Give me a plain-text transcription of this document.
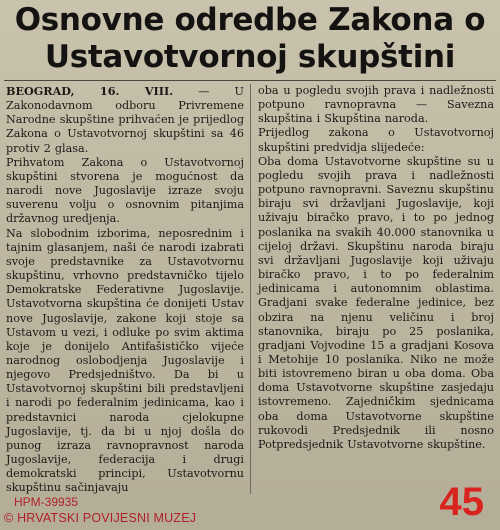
Osnovne odredbe Zakona o
Ustavotvornoj skupštini
BEOGRAD, 16. VIII. — U Zakonodavnom odboru Privremene Narodne skupštine prihvaćen je prijedlog Zakona o Ustavotvornoj skupštini sa 46 protiv 2 glasa.
Prihvatom Zakona o Ustavotvornoj skupštini stvorena je mogućnost da narodi nove Jugoslavije izraze svoju suverenu volju o osnovnim pitanjima državnog uredjenja.
Na slobodnim izborima, neposrednim i tajnim glasanjem, naši će narodi izabrati svoje predstavnike za Ustavotvornu skupštinu, vrhovno predstavničko tijelo Demokratske Federativne Jugoslavije. Ustavotvorna skupština će donijeti Ustav nove Jugoslavije, zakone koji stoje sa Ustavom u vezi, i odluke po svim aktima koje je donijelo Antifašističko vijeće narodnog oslobodjenja Jugoslavije i njegovo Predsjedništvo. Da bi u Ustavotvornoj skupštini bili predstavljeni i narodi po federalnim jedinicama, kao i predstavnici naroda cjelokupne Jugoslavije, tj. da bi u njoj došla do punog izraza ravnopravnost naroda Jugoslavije, federacija i drugi demokratski principi, Ustavotvornu skupštinu sačinjavaju
oba u pogledu svojih prava i nadležnosti potpuno ravnopravna — Savezna skupština i Skupština naroda.
Prijedlog zakona o Ustavotvornoj skupštini predvidja slijedeće:
Oba doma Ustavotvorne skupštine su u pogledu svojih prava i nadležnosti potpuno ravnopravni. Saveznu skupštinu biraju svi državljani Jugoslavije, koji uživaju biračko pravo, i to po jednog poslanika na svakih 40.000 stanovnika u cijeloj državi. Skupštinu naroda biraju svi državljani Jugoslavije koji uživaju biračko pravo, i to po federalnim jedinicama i autonomnim oblastima. Gradjani svake federalne jedinice, bez obzira na njenu veličinu i broj stanovnika, biraju po 25 poslanika, gradjani Vojvodine 15 a gradjani Kosova i Metohije 10 poslanika. Niko ne može biti istovremeno biran u oba doma. Oba doma Ustavotvorne skupštine zasjedaju istovremeno. Zajedničkim sjednicama oba doma Ustavotvorne skupštine rukovodi Predsjednik ili nosno Potpredsjednik Ustavotvorne skupštine.
HPM-39935
© HRVATSKI POVIJESNI MUZEJ	45
